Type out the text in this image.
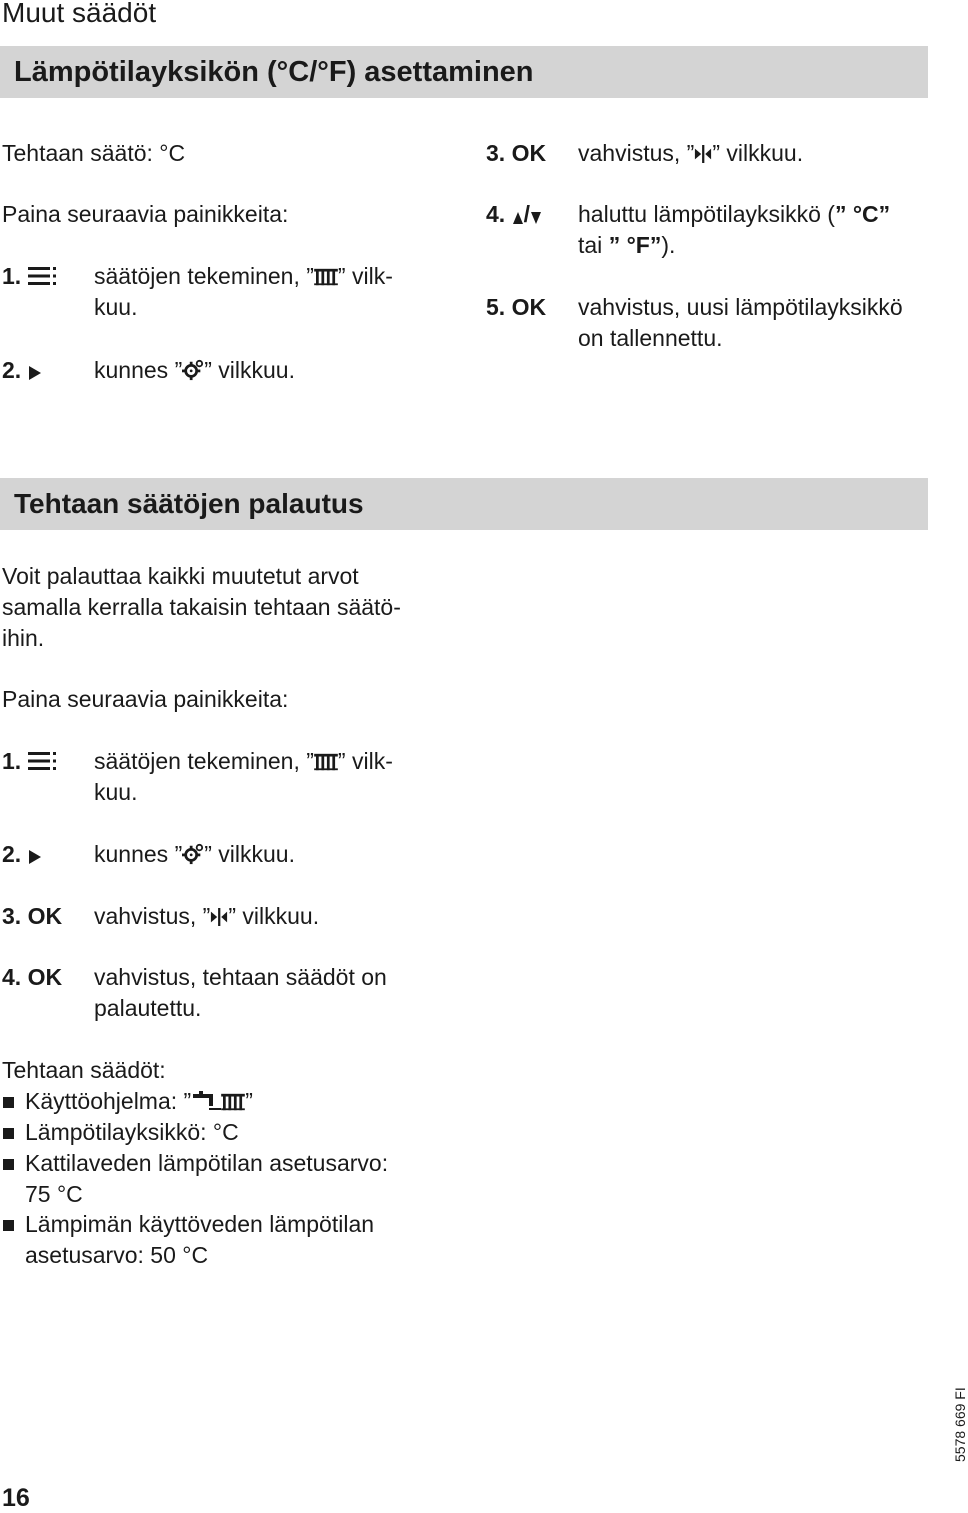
Muut säädöt
Lämpötilayksikön (°C/°F) asettaminen
Tehtaan säätö: °C
Paina seuraavia painikkeita:
1.	säätöjen tekeminen, ” ” vilk-
kuu.
2.	kunnes ” ” vilkkuu.
3. OK vahvistus, ” ” vilkkuu.
4. /	haluttu lämpötilayksikkö (” °C”
tai ” °F”).
5. OK vahvistus, uusi lämpötilayksikkö
on tallennettu.
Tehtaan säätöjen palautus
Voit palauttaa kaikki muutetut arvot
samalla kerralla takaisin tehtaan säätö-
ihin.
Paina seuraavia painikkeita:
1.	säätöjen tekeminen, ” ” vilk-
kuu.
2.	kunnes ” ” vilkkuu.
3. OK vahvistus, ” ” vilkkuu.
4. OK vahvistus, tehtaan säädöt on
palautettu.
Tehtaan säädöt:
Käyttöohjelma: ” ”
Lämpötilayksikkö: °C
Kattilaveden lämpötilan asetusarvo:
75 °C
Lämpimän käyttöveden lämpötilan
asetusarvo: 50 °C
5578 669 FI
16
